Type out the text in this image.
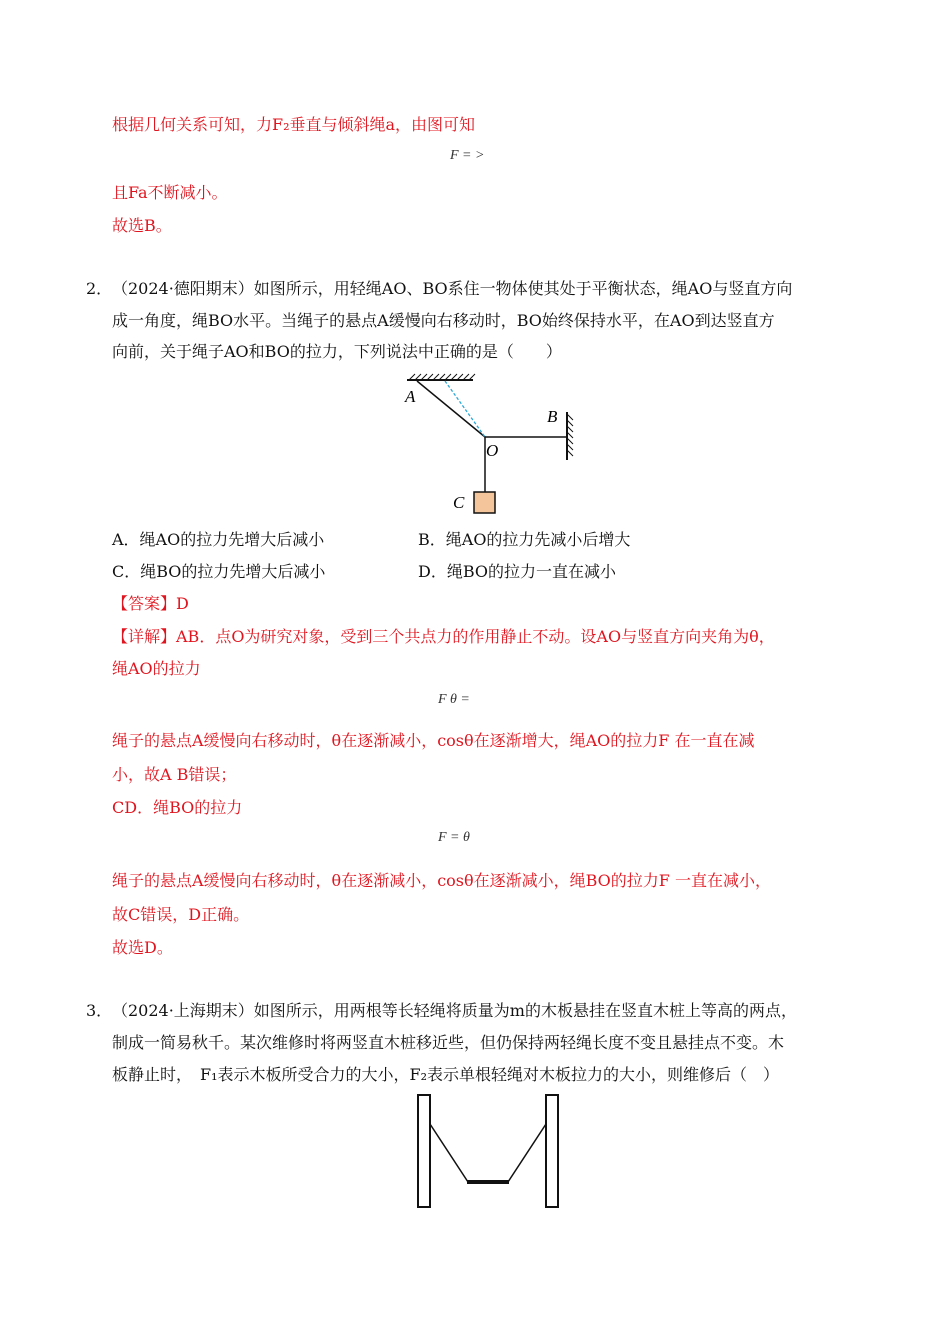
根据几何关系可知，力F₂垂直与倾斜绳a，由图可知
F = >
且Fa不断减小。
故选B。
2． （2024·德阳期末）如图所示，用轻绳AO、BO系住一物体使其处于平衡状态，绳AO与竖直方向
成一角度，绳BO水平。当绳子的悬点A缓慢向右移动时，BO始终保持水平，在AO到达竖直方
向前，关于绳子AO和BO的拉力，下列说法中正确的是（　　）
A
B
O
C
A．绳AO的拉力先增大后减小	B．绳AO的拉力先减小后增大
C．绳BO的拉力先增大后减小	D．绳BO的拉力一直在减小
【答案】D
【详解】AB．点O为研究对象，受到三个共点力的作用静止不动。设AO与竖直方向夹角为θ，
绳AO的拉力
F θ =
绳子的悬点A缓慢向右移动时，θ在逐渐减小，cosθ在逐渐增大，绳AO的拉力F 在一直在减
小，故A B错误；
CD．绳BO的拉力
F = θ
绳子的悬点A缓慢向右移动时，θ在逐渐减小，cosθ在逐渐减小，绳BO的拉力F 一直在减小，
故C错误，D正确。
故选D。
3． （2024·上海期末）如图所示，用两根等长轻绳将质量为m的木板悬挂在竖直木桩上等高的两点，
制成一简易秋千。某次维修时将两竖直木桩移近些，但仍保持两轻绳长度不变且悬挂点不变。木
板静止时，　F₁表示木板所受合力的大小，F₂表示单根轻绳对木板拉力的大小，则维修后（　）
